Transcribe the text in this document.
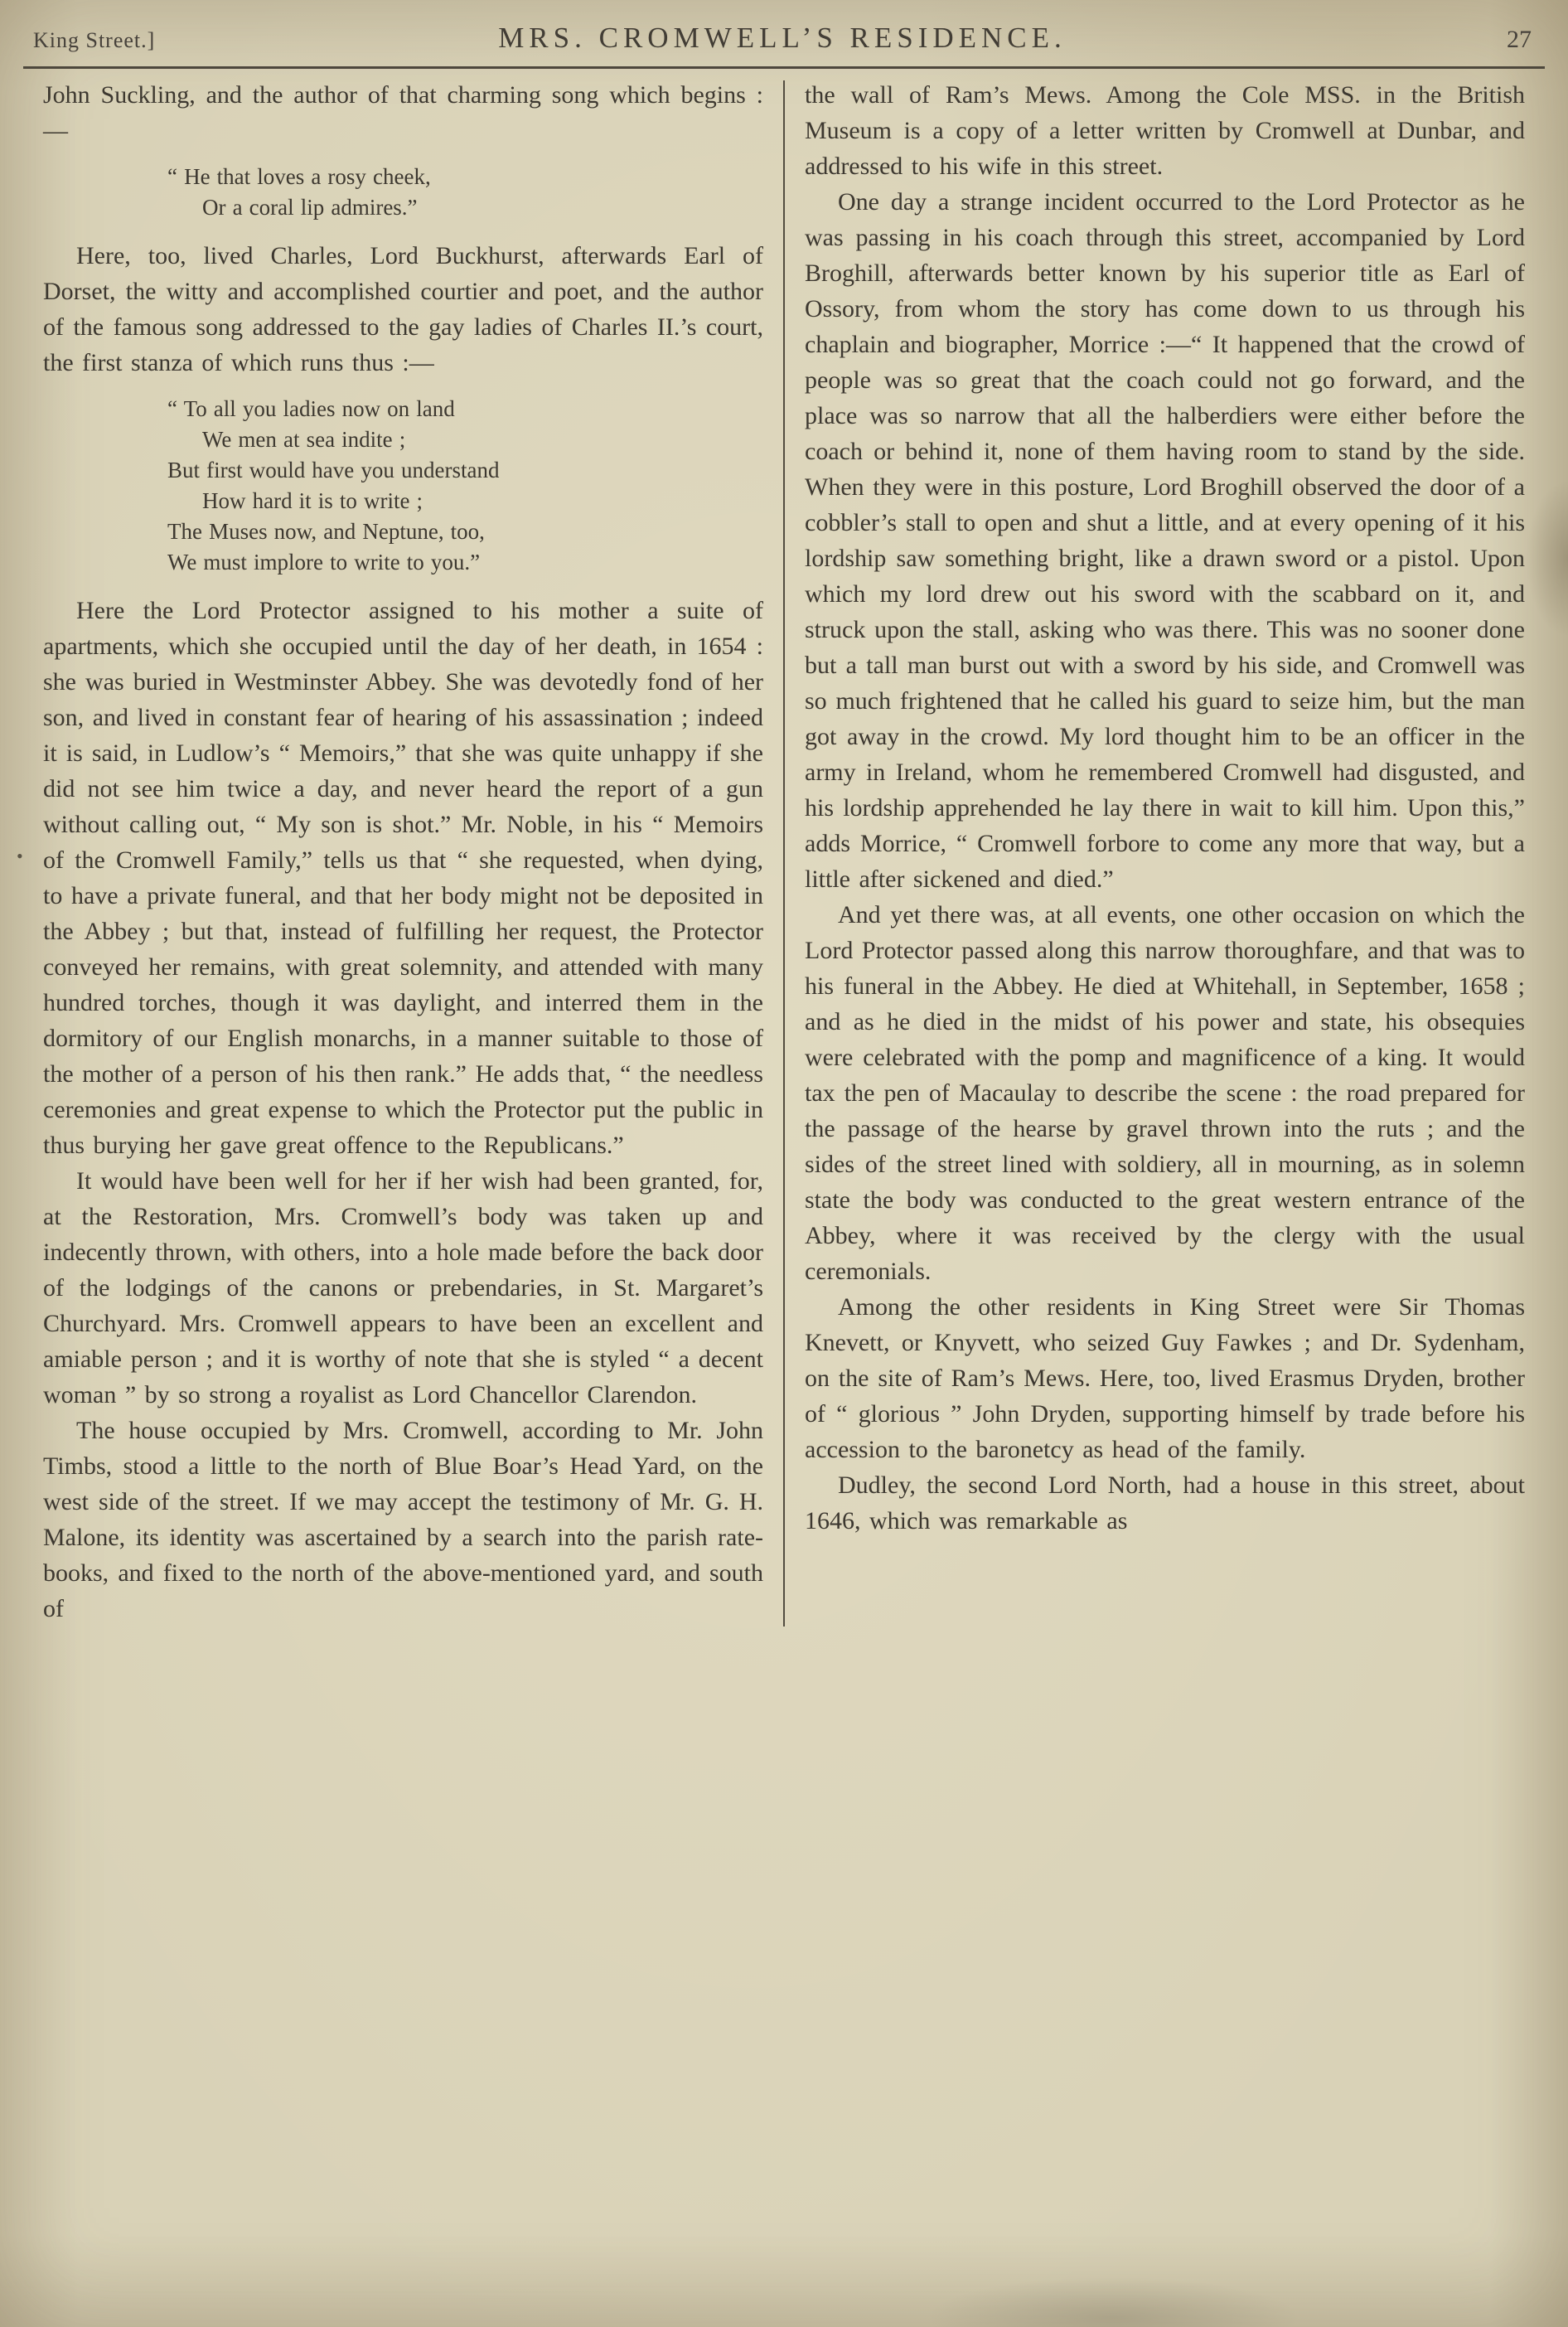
King Street.]	MRS. CROMWELL’S RESIDENCE.	27
•

John Suckling, and the author of that charming song which begins :—

“ He that loves a rosy cheek,
Or a coral lip admires.”

Here, too, lived Charles, Lord Buckhurst, afterwards Earl of Dorset, the witty and accomplished courtier and poet, and the author of the famous song addressed to the gay ladies of Charles II.’s court, the first stanza of which runs thus :—

“ To all you ladies now on land
We men at sea indite ;
But first would have you understand
How hard it is to write ;
The Muses now, and Neptune, too,
We must implore to write to you.”

Here the Lord Protector assigned to his mother a suite of apartments, which she occupied until the day of her death, in 1654 : she was buried in Westminster Abbey. She was devotedly fond of her son, and lived in constant fear of hearing of his assassination ; indeed it is said, in Ludlow’s “ Memoirs,” that she was quite unhappy if she did not see him twice a day, and never heard the report of a gun without calling out, “ My son is shot.” Mr. Noble, in his “ Memoirs of the Cromwell Family,” tells us that “ she requested, when dying, to have a private funeral, and that her body might not be deposited in the Abbey ; but that, instead of fulfilling her request, the Protector conveyed her remains, with great solemnity, and attended with many hundred torches, though it was daylight, and interred them in the dormitory of our English monarchs, in a manner suitable to those of the mother of a person of his then rank.” He adds that, “ the needless ceremonies and great expense to which the Protector put the public in thus burying her gave great offence to the Republicans.”

It would have been well for her if her wish had been granted, for, at the Restoration, Mrs. Cromwell’s body was taken up and indecently thrown, with others, into a hole made before the back door of the lodgings of the canons or prebendaries, in St. Margaret’s Churchyard. Mrs. Cromwell appears to have been an excellent and amiable person ; and it is worthy of note that she is styled “ a decent woman ” by so strong a royalist as Lord Chancellor Clarendon.

The house occupied by Mrs. Cromwell, according to Mr. John Timbs, stood a little to the north of Blue Boar’s Head Yard, on the west side of the street. If we may accept the testimony of Mr. G. H. Malone, its identity was ascertained by a search into the parish rate-books, and fixed to the north of the above-mentioned yard, and south of

the wall of Ram’s Mews. Among the Cole MSS. in the British Museum is a copy of a letter written by Cromwell at Dunbar, and addressed to his wife in this street.

One day a strange incident occurred to the Lord Protector as he was passing in his coach through this street, accompanied by Lord Broghill, afterwards better known by his superior title as Earl of Ossory, from whom the story has come down to us through his chaplain and biographer, Morrice :—“ It happened that the crowd of people was so great that the coach could not go forward, and the place was so narrow that all the halberdiers were either before the coach or behind it, none of them having room to stand by the side. When they were in this posture, Lord Broghill observed the door of a cobbler’s stall to open and shut a little, and at every opening of it his lordship saw something bright, like a drawn sword or a pistol. Upon which my lord drew out his sword with the scabbard on it, and struck upon the stall, asking who was there. This was no sooner done but a tall man burst out with a sword by his side, and Cromwell was so much frightened that he called his guard to seize him, but the man got away in the crowd. My lord thought him to be an officer in the army in Ireland, whom he remembered Cromwell had disgusted, and his lordship apprehended he lay there in wait to kill him. Upon this,” adds Morrice, “ Cromwell forbore to come any more that way, but a little after sickened and died.”

And yet there was, at all events, one other occasion on which the Lord Protector passed along this narrow thoroughfare, and that was to his funeral in the Abbey. He died at Whitehall, in September, 1658 ; and as he died in the midst of his power and state, his obsequies were celebrated with the pomp and magnificence of a king. It would tax the pen of Macaulay to describe the scene : the road prepared for the passage of the hearse by gravel thrown into the ruts ; and the sides of the street lined with soldiery, all in mourning, as in solemn state the body was conducted to the great western entrance of the Abbey, where it was received by the clergy with the usual ceremonials.

Among the other residents in King Street were Sir Thomas Knevett, or Knyvett, who seized Guy Fawkes ; and Dr. Sydenham, on the site of Ram’s Mews. Here, too, lived Erasmus Dryden, brother of “ glorious ” John Dryden, supporting himself by trade before his accession to the baronetcy as head of the family.

Dudley, the second Lord North, had a house in this street, about 1646, which was remarkable as
